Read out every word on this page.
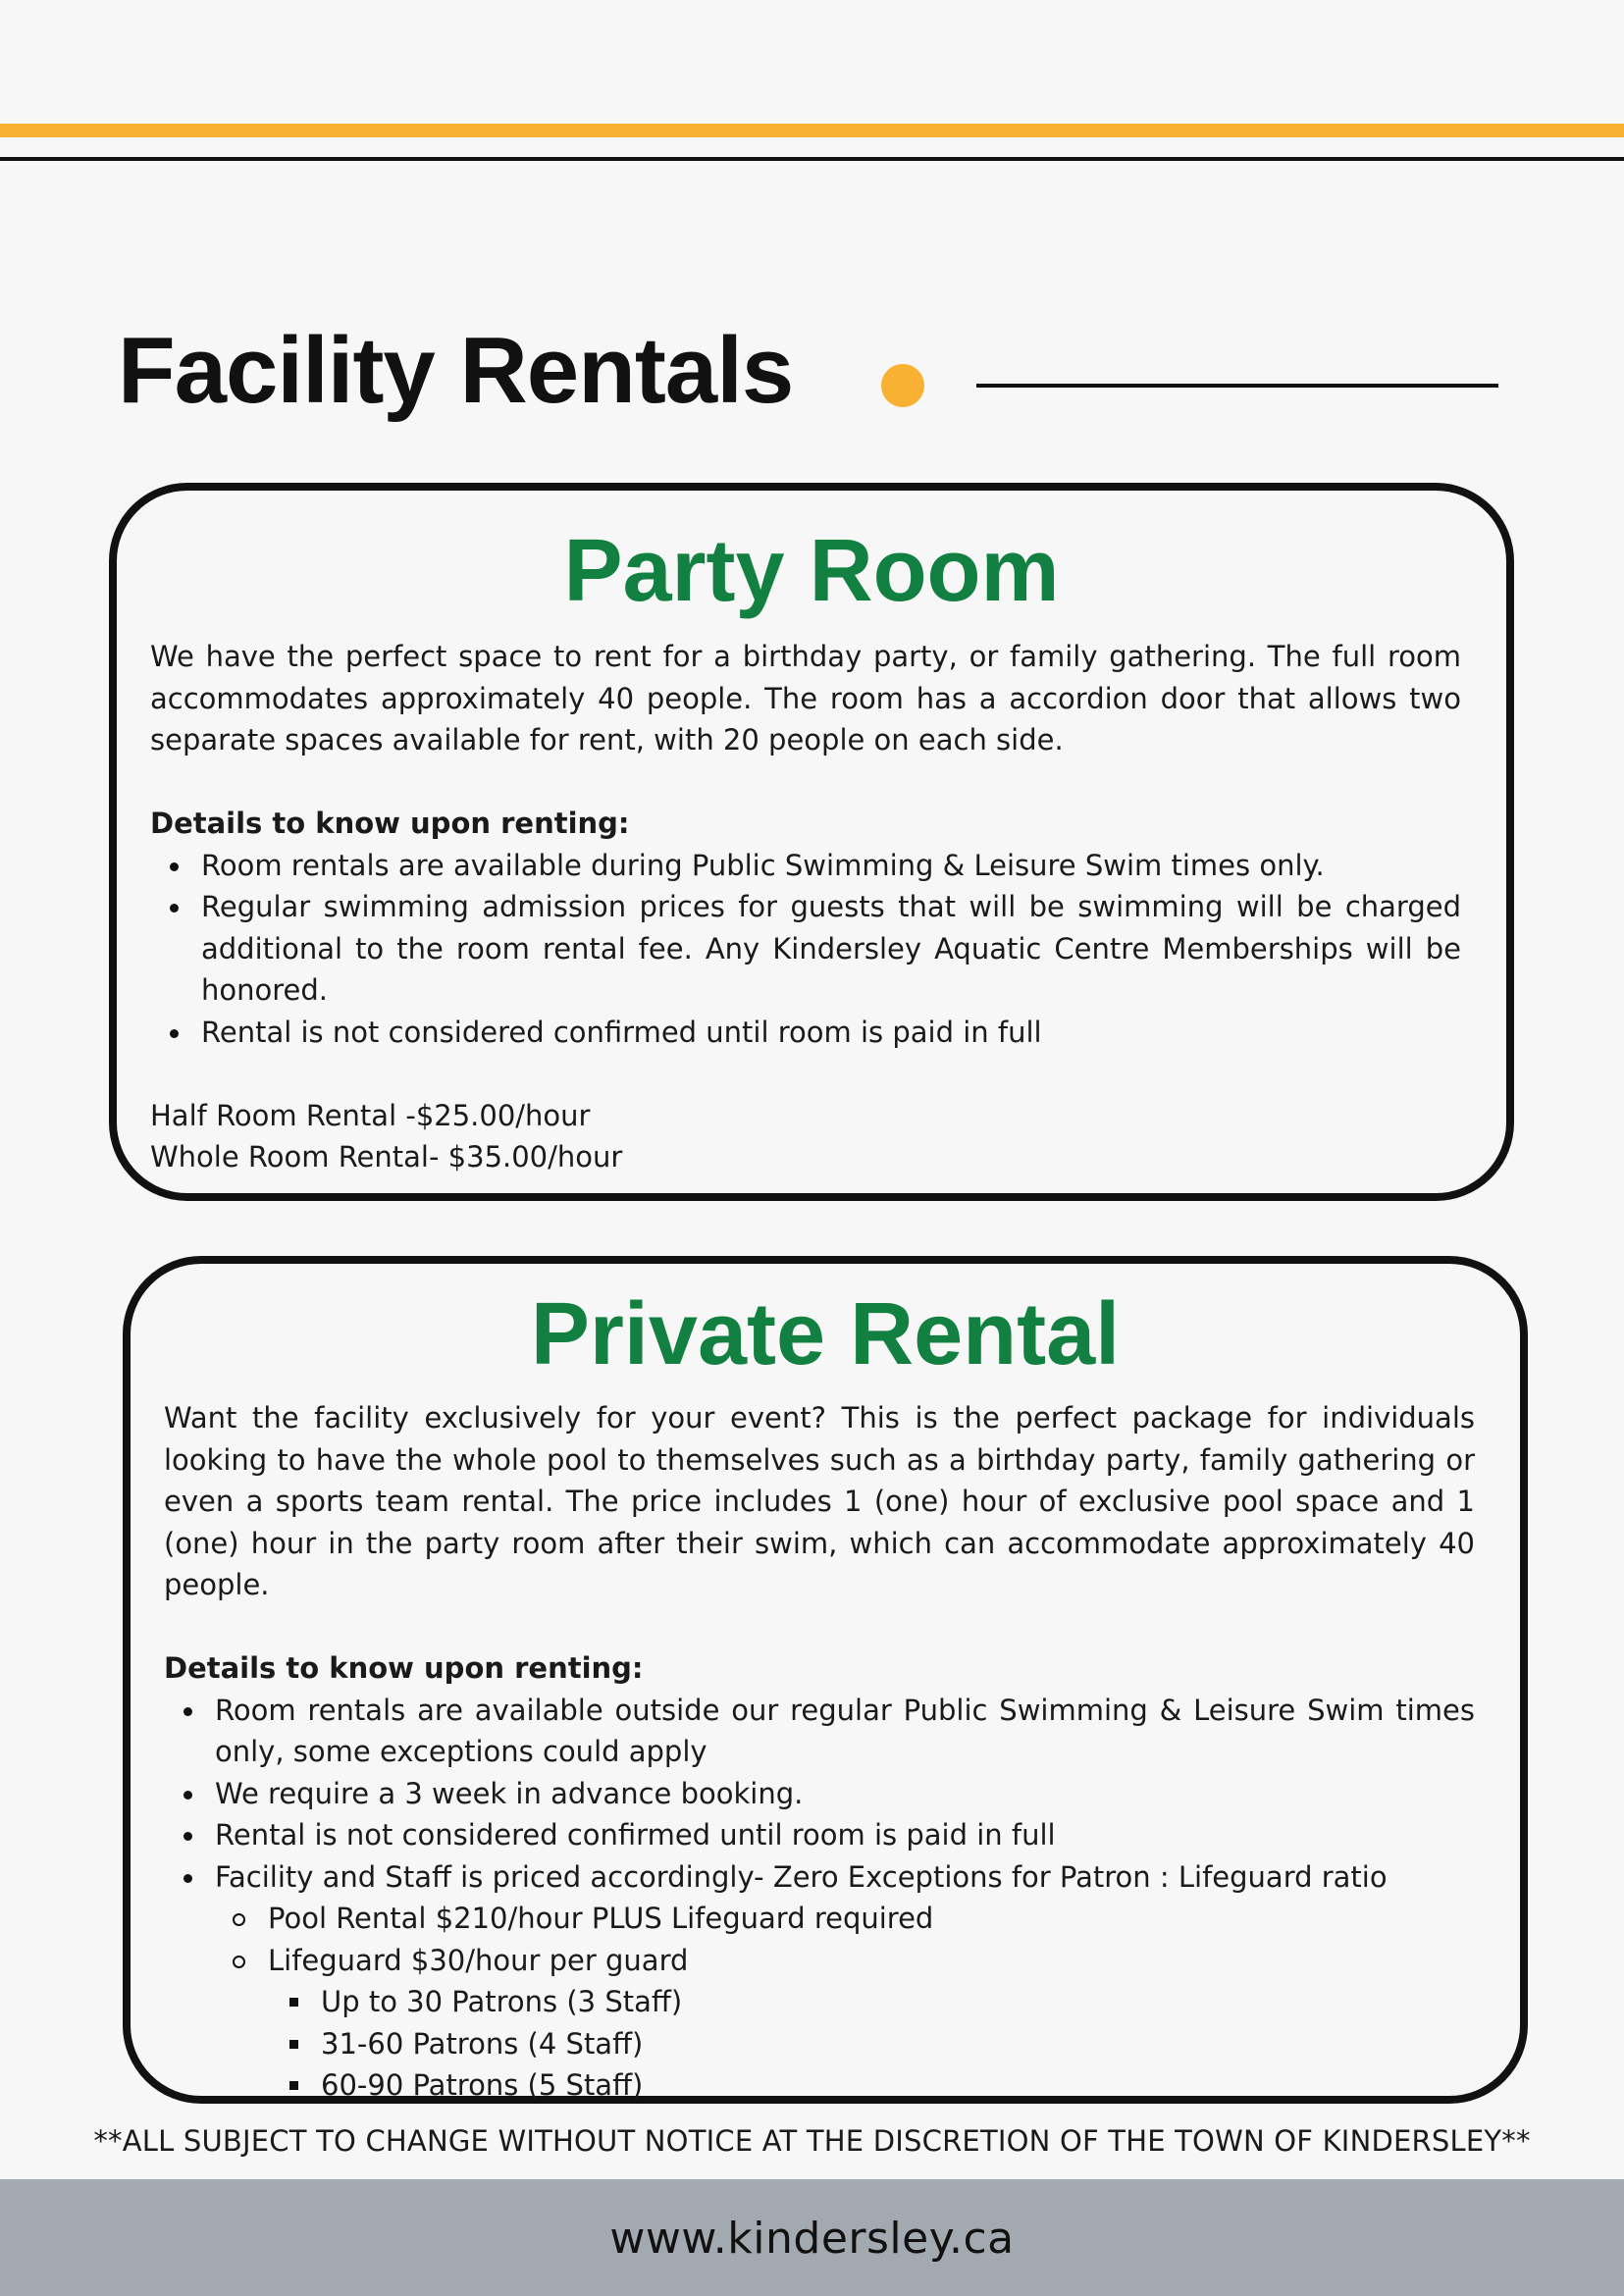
Facility Rentals
Party Room

We have the perfect space to rent for a birthday party, or family gathering. The full room accommodates approximately 40 people. The room has a accordion door that allows two separate spaces available for rent, with 20 people on each side.

Details to know upon renting:

Room rentals are available during Public Swimming & Leisure Swim times only.
Regular swimming admission prices for guests that will be swimming will be charged additional to the room rental fee. Any Kindersley Aquatic Centre Memberships will be honored.
Rental is not considered confirmed until room is paid in full
Half Room Rental -$25.00/hour
Whole Room Rental- $35.00/hour
Private Rental

Want the facility exclusively for your event? This is the perfect package for individuals looking to have the whole pool to themselves such as a birthday party, family gathering or even a sports team rental. The price includes 1 (one) hour of exclusive pool space and 1 (one) hour in the party room after their swim, which can accommodate approximately 40 people.

Details to know upon renting:

Room rentals are available outside our regular Public Swimming & Leisure Swim times only, some exceptions could apply
We require a 3 week in advance booking.
Rental is not considered confirmed until room is paid in full
Facility and Staff is priced accordingly- Zero Exceptions for Patron : Lifeguard ratio
Pool Rental $210/hour PLUS Lifeguard required
Lifeguard $30/hour per guard
Up to 30 Patrons (3 Staff)
31-60 Patrons (4 Staff)
60-90 Patrons (5 Staff)
**ALL SUBJECT TO CHANGE WITHOUT NOTICE AT THE DISCRETION OF THE TOWN OF KINDERSLEY**
www.kindersley.ca
